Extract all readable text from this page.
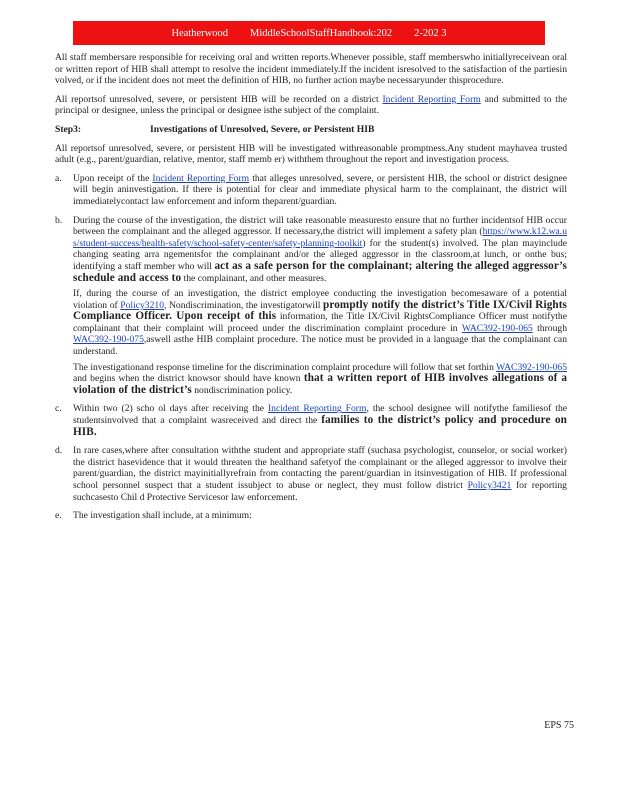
Heatherwood MiddleSchoolStaffHandbook:202 2-202 3

All staff membersare responsible for receiving oral and written reports.Whenever possible, staff memberswho initiallyreceivean oral or written report of HIB shall attempt to resolve the incident immediately.If the incident isresolved to the satisfaction of the partiesin volved, or if the incident does not meet the definition of HIB, no further action maybe necessaryunder thisprocedure.

All reportsof unresolved, severe, or persistent HIB will be recorded on a district Incident Reporting Form and submitted to the principal or designee, unless the principal or designee isthe subject of the complaint.

Step3:	Investigations of Unresolved, Severe, or Persistent HIB

All reportsof unresolved, severe, or persistent HIB will be investigated withreasonable promptness.Any student mayhavea trusted adult (e.g., parent/guardian, relative, mentor, staff memb er) withthem throughout the report and investigation process.

a. Upon receipt of the Incident Reporting Form that alleges unresolved, severe, or persistent HIB, the school or district designee will begin aninvestigation. If there is potential for clear and immediate physical harm to the complainant, the district will immediatelycontact law enforcement and inform theparent/guardian.
b. During the course of the investigation, the district will take reasonable measuresto ensure that no further incidentsof HIB occur between the complainant and the alleged aggressor. If necessary,the district will implement a safety plan (https://www.k12.wa.us/student-success/health-safety/school-safety-center/safety-planning-toolkit) for the student(s) involved. The plan mayinclude changing seating arra ngementsfor the complainant and/or the alleged aggressor in the classroom,at lunch, or onthe bus; identifying a staff member who will act as a safe person for the complainant; altering the alleged aggressor’s schedule and access to the complainant, and other measures.
If, during the course of an investigation, the district employee conducting the investigation becomesaware of a potential violation of Policy3210, Nondiscrimination, the investigatorwill promptly notify the district’s Title IX/Civil Rights Compliance Officer. Upon receipt of this information, the Title IX/Civil RightsCompliance Officer must notifythe complainant that their complaint will proceed under the discrimination complaint procedure in WAC392-190-065 through WAC392-190-075,aswell asthe HIB complaint procedure. The notice must be provided in a language that the complainant can understand.
The investigationand response timeline for the discrimination complaint procedure will follow that set forthin WAC392-190-065 and begins when the district knowsor should have known that a written report of HIB involves allegations of a violation of the district’s nondiscrimination policy.
c. Within two (2) scho ol days after receiving the Incident Reporting Form, the school designee will notifythe familiesof the studentsinvolved that a complaint wasreceived and direct the families to the district’s policy and procedure on HIB.
d. In rare cases,where after consultation withthe student and appropriate staff (suchasa psychologist, counselor, or social worker) the district hasevidence that it would threaten the healthand safetyof the complainant or the alleged aggressor to involve their parent/guardian, the district mayinitiallyrefrain from contacting the parent/guardian in itsinvestigation of HIB. If professional school personnel suspect that a student issubject to abuse or neglect, they must follow district Policy3421 for reporting suchcasesto Chil d Protective Servicesor law enforcement.
e. The investigation shall include, at a minimum:
EPS 75
